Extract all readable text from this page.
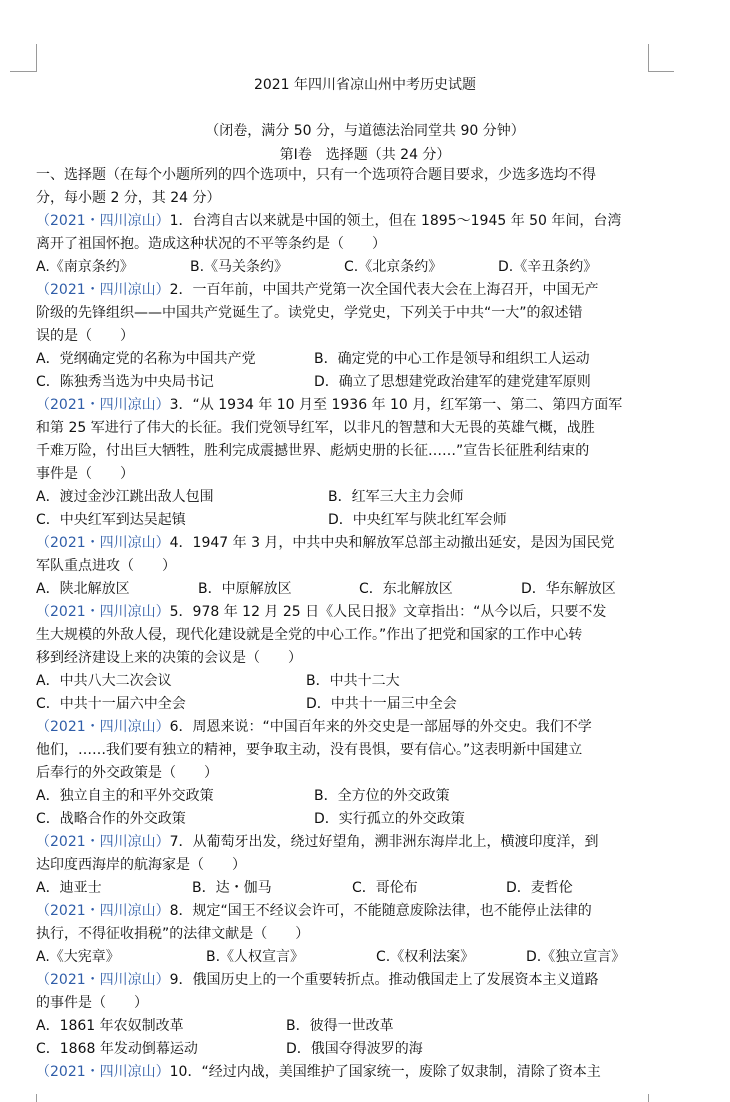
2021 年四川省凉山州中考历史试题
（闭卷，满分 50 分，与道德法治同堂共 90 分钟）
第Ⅰ卷　选择题（共 24 分）
一、选择题（在每个小题所列的四个选项中，只有一个选项符合题目要求，少选多选均不得
分，每小题 2 分，其 24 分）
（2021・四川凉山）1．台湾自古以来就是中国的领土，但在 1895～1945 年 50 年间，台湾
离开了祖国怀抱。造成这种状况的不平等条约是（　　）
A.《南京条约》	B.《马关条约》	C.《北京条约》	D.《辛丑条约》
（2021・四川凉山）2．一百年前，中国共产党第一次全国代表大会在上海召开，中国无产
阶级的先锋组织——中国共产党诞生了。读党史，学党史，下列关于中共“一大”的叙述错
误的是（　　）
A．党纲确定党的名称为中国共产党	B．确定党的中心工作是领导和组织工人运动
C．陈独秀当选为中央局书记	D．确立了思想建党政治建军的建党建军原则
（2021・四川凉山）3．“从 1934 年 10 月至 1936 年 10 月，红军第一、第二、第四方面军
和第 25 军进行了伟大的长征。我们党领导红军，以非凡的智慧和大无畏的英雄气概，战胜
千难万险，付出巨大牺牲，胜利完成震撼世界、彪炳史册的长征……”宣告长征胜利结束的
事件是（　　）
A．渡过金沙江跳出敌人包围	B．红军三大主力会师
C．中央红军到达吴起镇	D．中央红军与陕北红军会师
（2021・四川凉山）4．1947 年 3 月，中共中央和解放军总部主动撤出延安，是因为国民党
军队重点进攻（　　）
A．陕北解放区	B．中原解放区	C．东北解放区	D．华东解放区
（2021・四川凉山）5．978 年 12 月 25 日《人民日报》文章指出：“从今以后，只要不发
生大规模的外敌人侵，现代化建设就是全党的中心工作。”作出了把党和国家的工作中心转
移到经济建设上来的决策的会议是（　　）
A．中共八大二次会议	B．中共十二大
C．中共十一届六中全会	D．中共十一届三中全会
（2021・四川凉山）6．周恩来说：“中国百年来的外交史是一部屈辱的外交史。我们不学
他们，……我们要有独立的精神，要争取主动，没有畏惧，要有信心。”这表明新中国建立
后奉行的外交政策是（　　）
A．独立自主的和平外交政策	B．全方位的外交政策
C．战略合作的外交政策	D．实行孤立的外交政策
（2021・四川凉山）7．从葡萄牙出发，绕过好望角，溯非洲东海岸北上，横渡印度洋，到
达印度西海岸的航海家是（　　）
A．迪亚士	B．达・伽马	C．哥伦布	D．麦哲伦
（2021・四川凉山）8．规定“国王不经议会许可，不能随意废除法律，也不能停止法律的
执行，不得征收捐税”的法律文献是（　　）
A.《大宪章》	B.《人权宣言》	C.《权利法案》	D.《独立宣言》
（2021・四川凉山）9．俄国历史上的一个重要转折点。推动俄国走上了发展资本主义道路
的事件是（　　）
A．1861 年农奴制改革	B．彼得一世改革
C．1868 年发动倒幕运动	D．俄国夺得波罗的海
（2021・四川凉山）10．“经过内战，美国维护了国家统一，废除了奴隶制，清除了资本主
